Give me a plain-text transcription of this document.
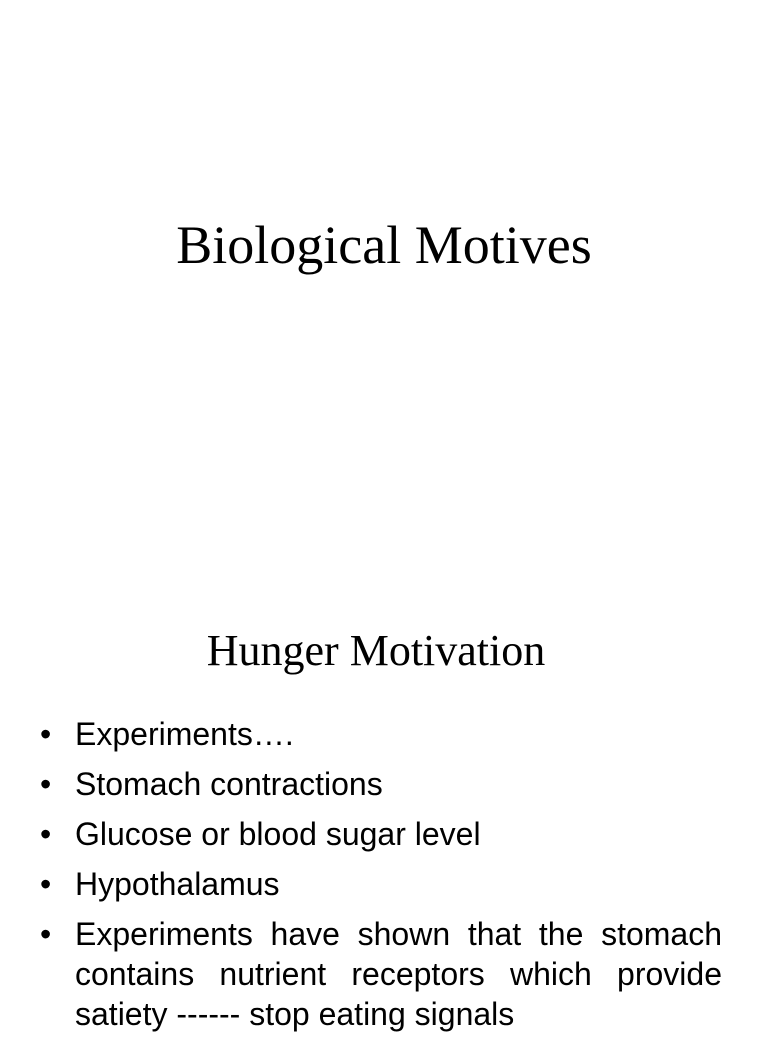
Biological Motives
Hunger Motivation
• Experiments….
• Stomach contractions
• Glucose or blood sugar level
• Hypothalamus
• Experiments have shown that the stomach contains nutrient receptors which provide satiety ------ stop eating signals
